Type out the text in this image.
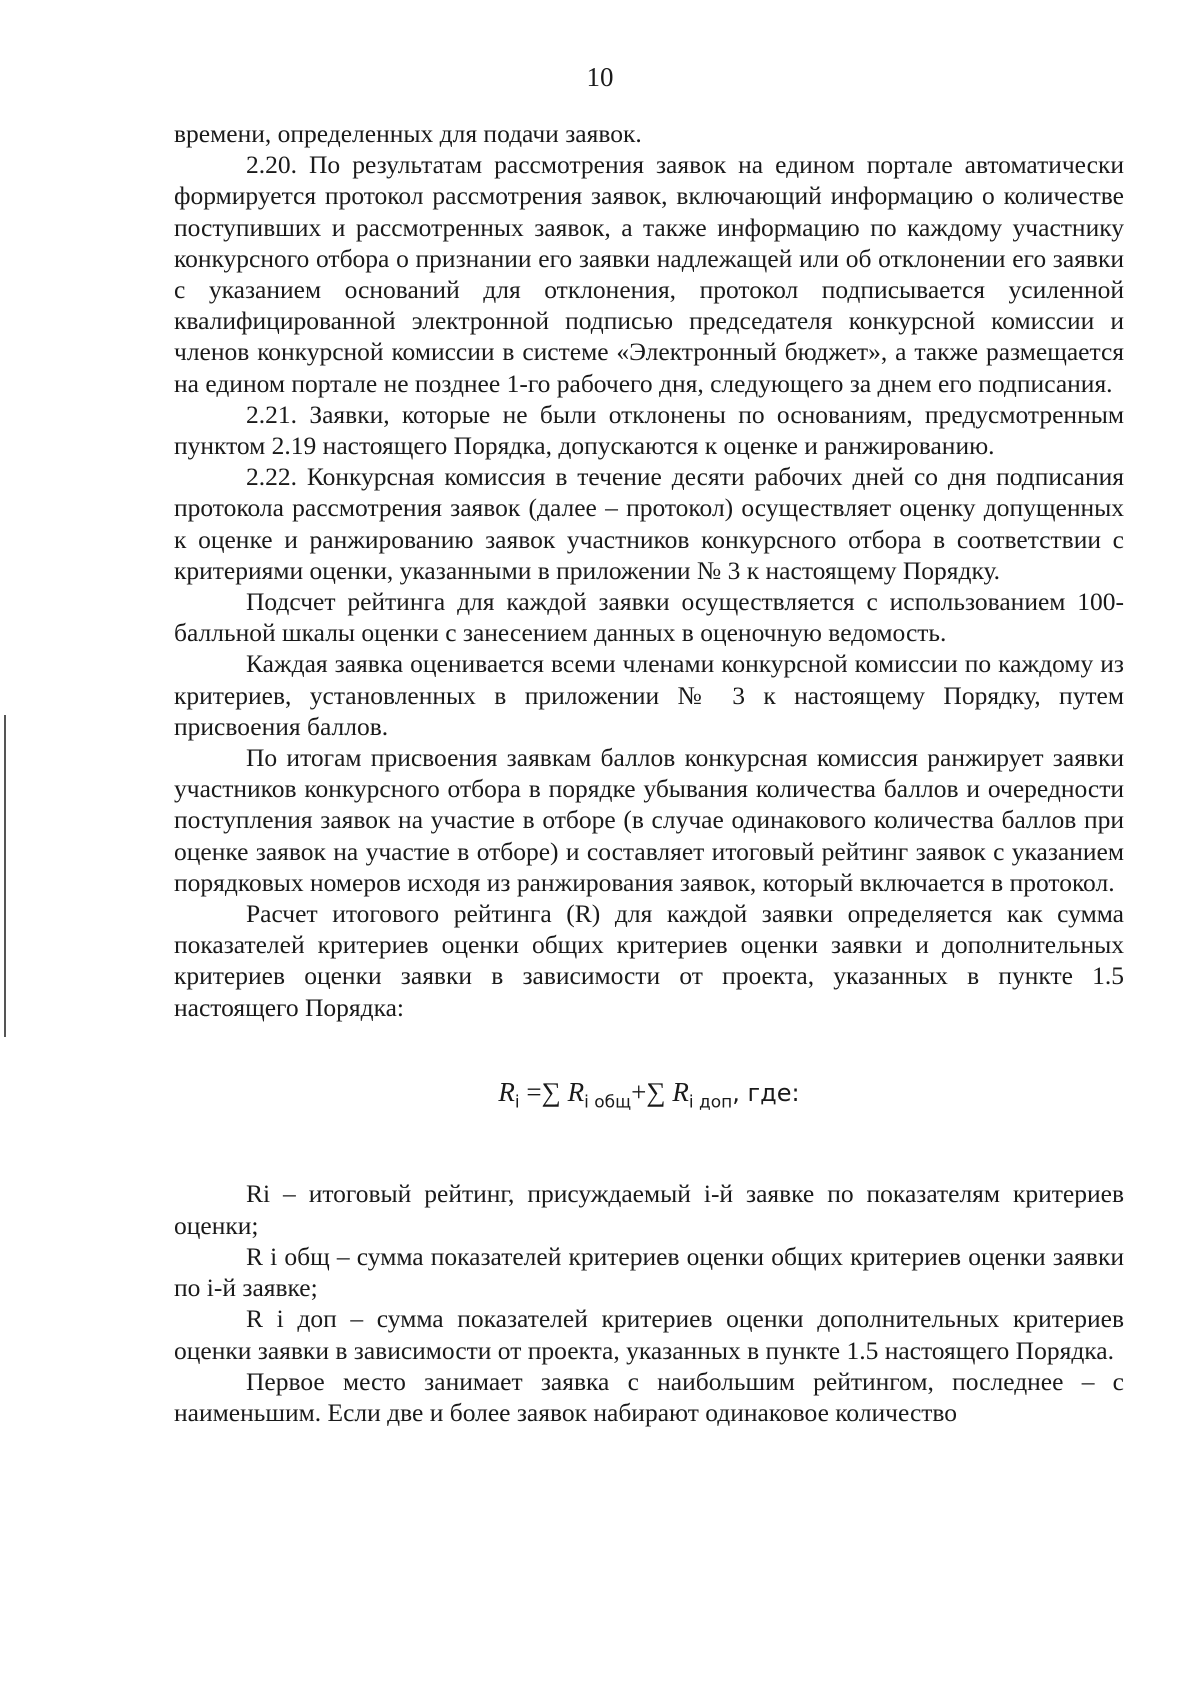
10

времени, определенных для подачи заявок.

2.20. По результатам рассмотрения заявок на едином портале автоматически формируется протокол рассмотрения заявок, включающий информацию о количестве поступивших и рассмотренных заявок, а также информацию по каждому участнику конкурсного отбора о признании его заявки надлежащей или об отклонении его заявки с указанием оснований для отклонения, протокол подписывается усиленной квалифицированной электронной подписью председателя конкурсной комиссии и членов конкурсной комиссии в системе «Электронный бюджет», а также размещается на едином портале не позднее 1-го рабочего дня, следующего за днем его подписания.

2.21. Заявки, которые не были отклонены по основаниям, предусмотренным пунктом 2.19 настоящего Порядка, допускаются к оценке и ранжированию.

2.22. Конкурсная комиссия в течение десяти рабочих дней со дня подписания протокола рассмотрения заявок (далее – протокол) осуществляет оценку допущенных к оценке и ранжированию заявок участников конкурсного отбора в соответствии с критериями оценки, указанными в приложении № 3 к настоящему Порядку.

Подсчет рейтинга для каждой заявки осуществляется с использованием 100-балльной шкалы оценки с занесением данных в оценочную ведомость.

Каждая заявка оценивается всеми членами конкурсной комиссии по каждому из критериев, установленных в приложении № 3 к настоящему Порядку, путем присвоения баллов.

По итогам присвоения заявкам баллов конкурсная комиссия ранжирует заявки участников конкурсного отбора в порядке убывания количества баллов и очередности поступления заявок на участие в отборе (в случае одинакового количества баллов при оценке заявок на участие в отборе) и составляет итоговый рейтинг заявок с указанием порядковых номеров исходя из ранжирования заявок, который включается в протокол.

Расчет итогового рейтинга (R) для каждой заявки определяется как сумма показателей критериев оценки общих критериев оценки заявки и дополнительных критериев оценки заявки в зависимости от проекта, указанных в пункте 1.5 настоящего Порядка:

$R_i$ =∑ $R_{i общ}+\sum$ $R_{i доп}$, где:

Ri – итоговый рейтинг, присуждаемый i-й заявке по показателям критериев оценки;

R i общ – сумма показателей критериев оценки общих критериев оценки заявки по i-й заявке;

R i доп – сумма показателей критериев оценки дополнительных критериев оценки заявки в зависимости от проекта, указанных в пункте 1.5 настоящего Порядка.

Первое место занимает заявка с наибольшим рейтингом, последнее – с наименьшим. Если две и более заявок набирают одинаковое количество
